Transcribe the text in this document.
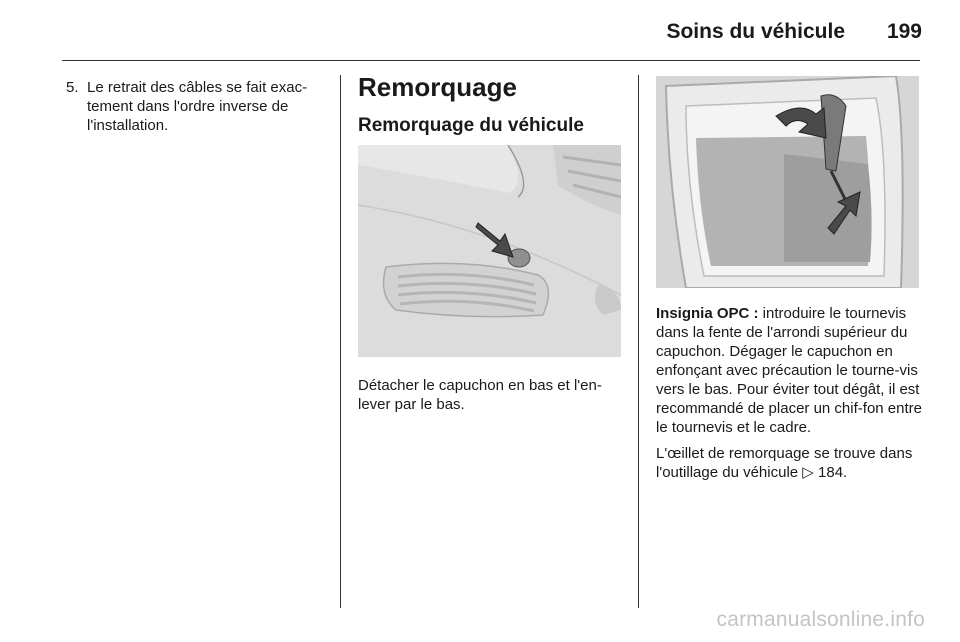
Soins du véhicule	199
5. Le retrait des câbles se fait exac-tement dans l'ordre inverse de l'installation.
Remorquage
Remorquage du véhicule
Détacher le capuchon en bas et l'en-lever par le bas.

Insignia OPC : introduire le tournevis dans la fente de l'arrondi supérieur du capuchon. Dégager le capuchon en enfonçant avec précaution le tourne-vis vers le bas. Pour éviter tout dégât, il est recommandé de placer un chif-fon entre le tournevis et le cadre.

L'œillet de remorquage se trouve dans l'outillage du véhicule ▷ 184.

carmanualsonline.info
